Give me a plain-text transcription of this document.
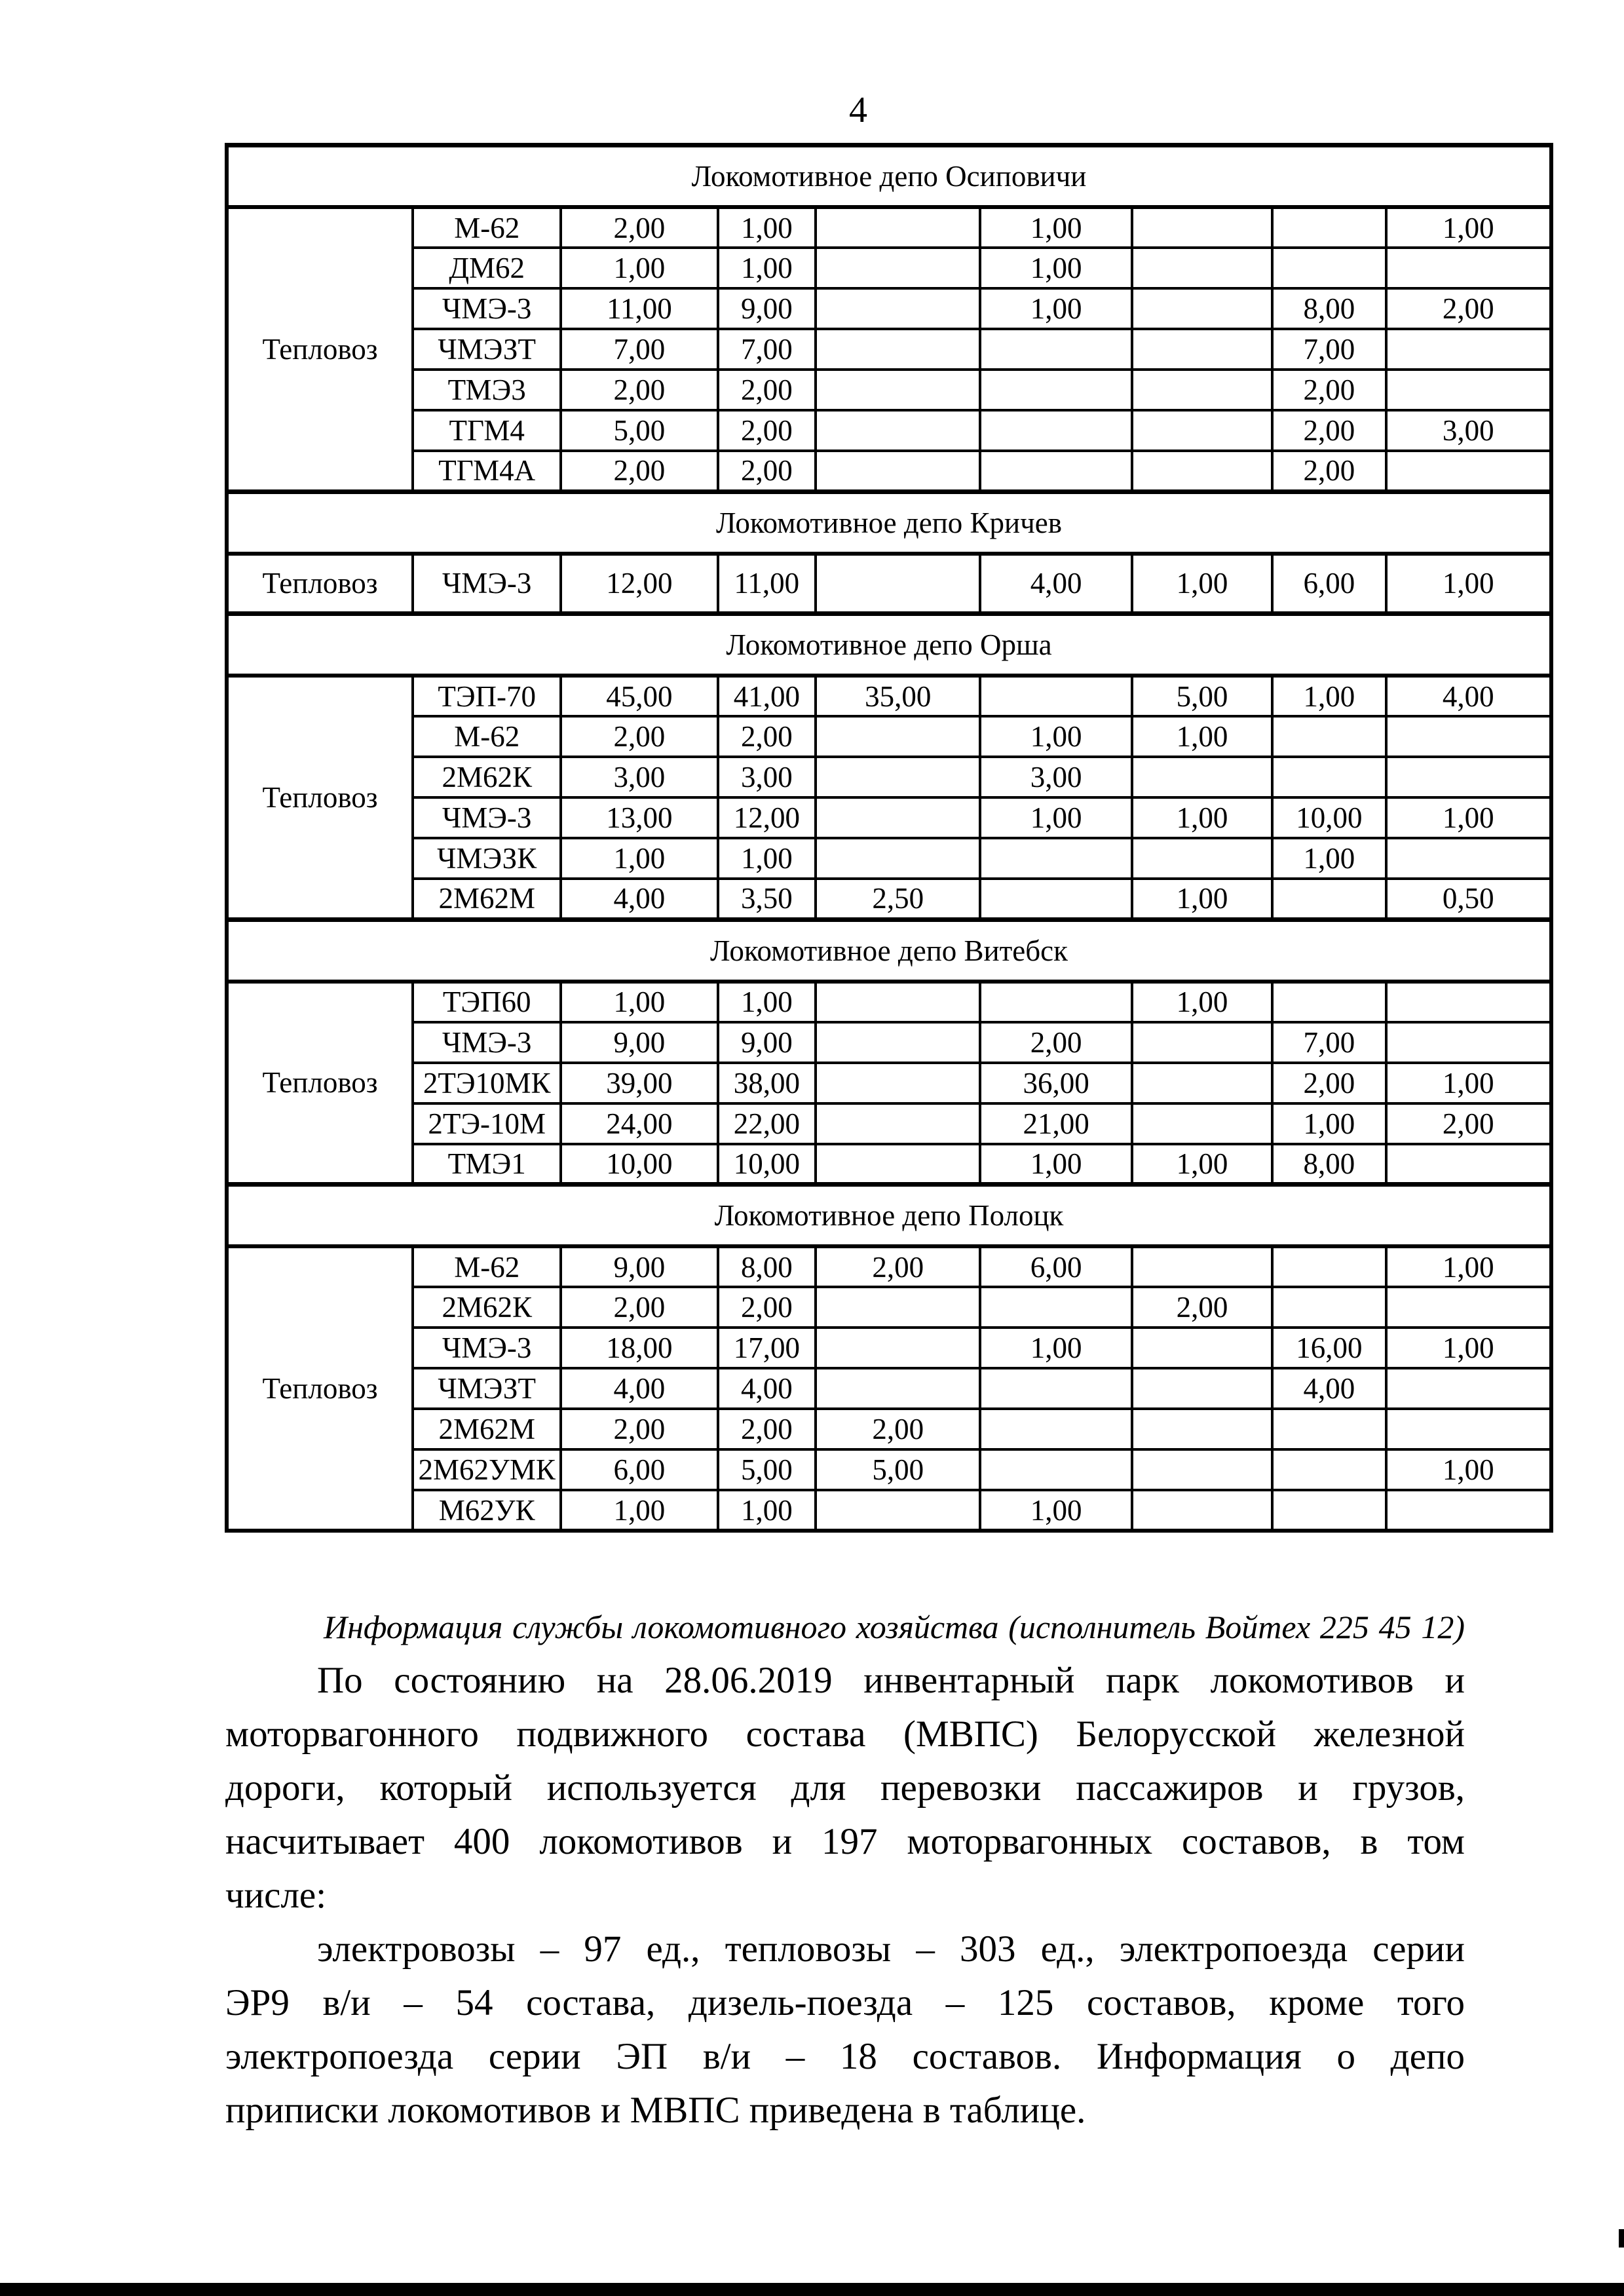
4
Локомотивное депо Осиповичи								
Тепловоз	М-62	2,00	1,00		1,00			1,00
	ДМ62	1,00	1,00		1,00			
	ЧМЭ-3	11,00	9,00		1,00		8,00	2,00
	ЧМЭЗТ	7,00	7,00				7,00	
	ТМЭ3	2,00	2,00				2,00	
	ТГМ4	5,00	2,00				2,00	3,00
	ТГМ4А	2,00	2,00				2,00	
Локомотивное депо Кричев								
Тепловоз	ЧМЭ-3	12,00	11,00		4,00	1,00	6,00	1,00
Локомотивное депо Орша								
Тепловоз	ТЭП-70	45,00	41,00	35,00		5,00	1,00	4,00
	М-62	2,00	2,00		1,00	1,00		
	2М62К	3,00	3,00		3,00			
	ЧМЭ-3	13,00	12,00		1,00	1,00	10,00	1,00
	ЧМЭЗК	1,00	1,00				1,00	
	2М62М	4,00	3,50	2,50		1,00		0,50
Локомотивное депо Витебск								
Тепловоз	ТЭП60	1,00	1,00			1,00		
	ЧМЭ-3	9,00	9,00		2,00		7,00	
	2ТЭ10МК	39,00	38,00		36,00		2,00	1,00
	2ТЭ-10М	24,00	22,00		21,00		1,00	2,00
	ТМЭ1	10,00	10,00		1,00	1,00	8,00	
Локомотивное депо Полоцк								
Тепловоз	М-62	9,00	8,00	2,00	6,00			1,00
	2М62К	2,00	2,00			2,00		
	ЧМЭ-3	18,00	17,00		1,00		16,00	1,00
	ЧМЭЗТ	4,00	4,00				4,00	
	2М62М	2,00	2,00	2,00				
	2М62УМК	6,00	5,00	5,00				1,00
	М62УК	1,00	1,00		1,00			
Информация службы локомотивного хозяйства (исполнитель Войтех 225 45 12)
По состоянию на 28.06.2019 инвентарный парк локомотивов и
моторвагонного подвижного состава (МВПС) Белорусской железной
дороги, который используется для перевозки пассажиров и грузов,
насчитывает 400 локомотивов и 197 моторвагонных составов, в том
числе:
электровозы – 97 ед., тепловозы – 303 ед., электропоезда серии
ЭР9 в/и – 54 состава, дизель-поезда – 125 составов, кроме того
электропоезда серии ЭП в/и – 18 составов. Информация о депо
приписки локомотивов и МВПС приведена в таблице.
